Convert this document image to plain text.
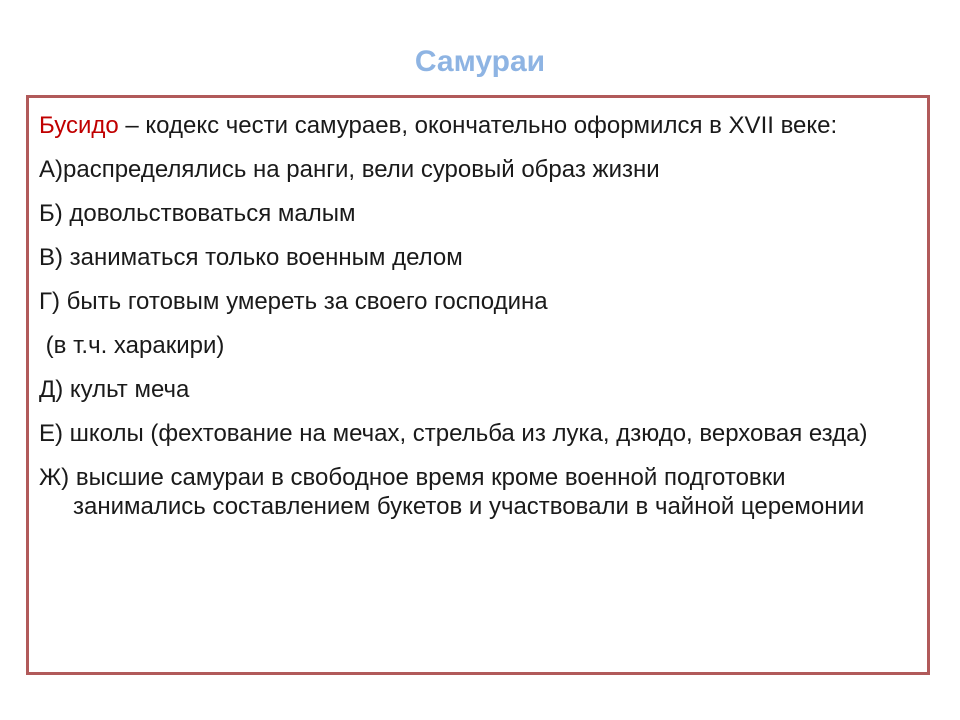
Самураи
Бусидо – кодекс чести самураев, окончательно оформился в XVII веке:
А)распределялись на ранги, вели суровый образ жизни
Б) довольствоваться малым
В) заниматься только военным делом
Г) быть готовым умереть за своего господина
(в т.ч. харакири)
Д) культ меча
Е) школы (фехтование на мечах, стрельба из лука, дзюдо, верховая езда)
Ж) высшие самураи в свободное время кроме военной подготовки занимались составлением букетов и участвовали в чайной церемонии
